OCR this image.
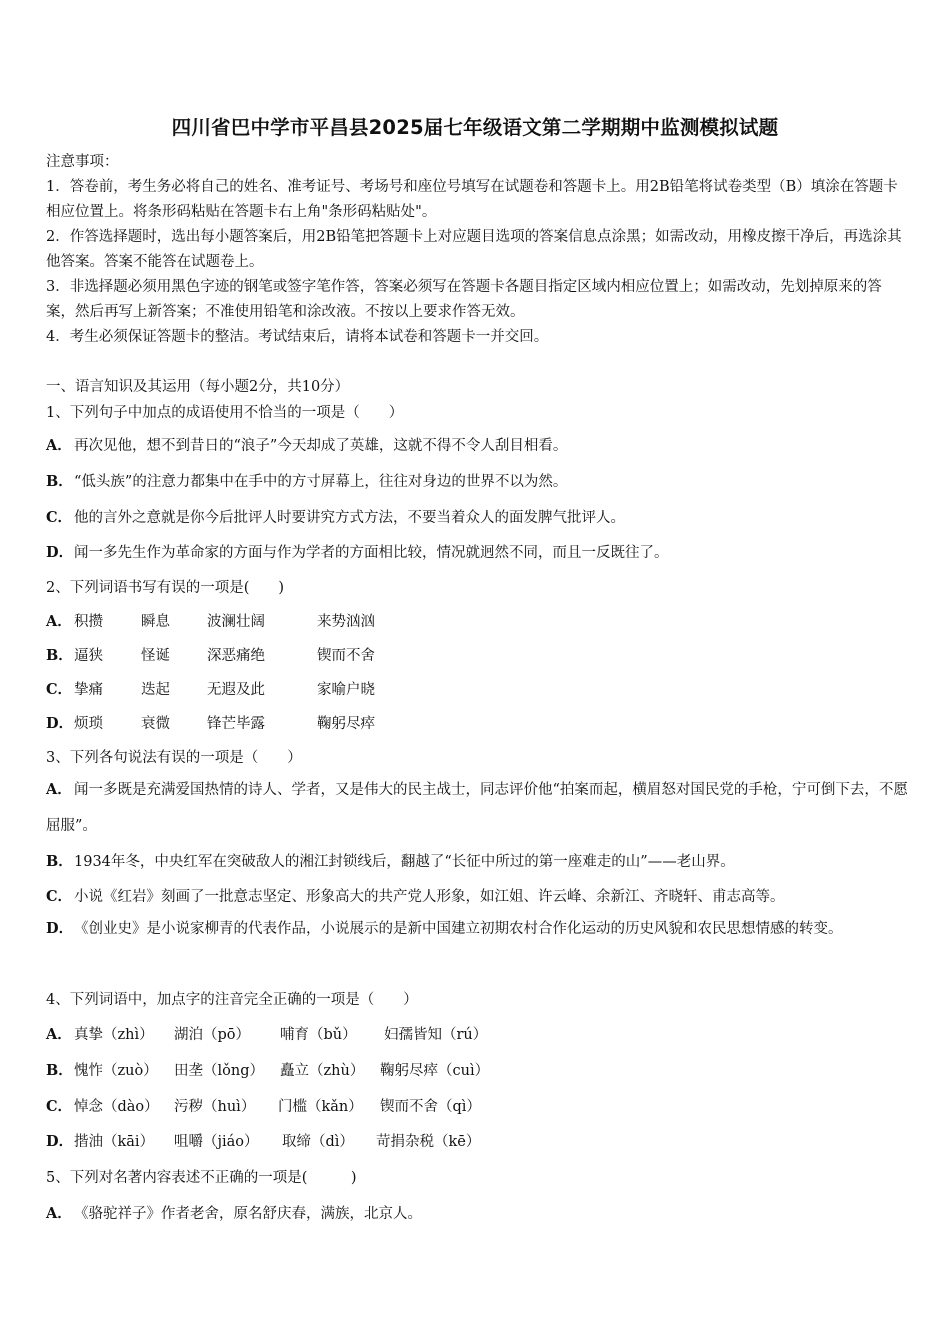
四川省巴中学市平昌县2025届七年级语文第二学期期中监测模拟试题

注意事项：

1．答卷前，考生务必将自己的姓名、准考证号、考场号和座位号填写在试题卷和答题卡上。用2B铅笔将试卷类型（B）填涂在答题卡相应位置上。将条形码粘贴在答题卡右上角"条形码粘贴处"。

2．作答选择题时，选出每小题答案后，用2B铅笔把答题卡上对应题目选项的答案信息点涂黑；如需改动，用橡皮擦干净后，再选涂其他答案。答案不能答在试题卷上。

3．非选择题必须用黑色字迹的钢笔或签字笔作答，答案必须写在答题卡各题目指定区域内相应位置上；如需改动，先划掉原来的答案，然后再写上新答案；不准使用铅笔和涂改液。不按以上要求作答无效。

4．考生必须保证答题卡的整洁。考试结束后，请将本试卷和答题卡一并交回。

一、语言知识及其运用（每小题2分，共10分）
1、下列句子中加点的成语使用不恰当的一项是（　　）
A． 再次见他，想不到昔日的“浪子”今天却成了英雄，这就不得不令人刮目相看。
B．“低头族”的注意力都集中在手中的方寸屏幕上，往往对身边的世界不以为然。
C． 他的言外之意就是你今后批评人时要讲究方式方法，不要当着众人的面发脾气批评人。
D．闻一多先生作为革命家的方面与作为学者的方面相比较，情况就迥然不同，而且一反既往了。
2、下列词语书写有误的一项是(　　)
A． 积攒	瞬息	波澜壮阔	来势汹汹
B．逼狭	怪诞	深恶痛绝	锲而不舍
C． 挚痛	迭起	无遐及此	家喻户晓
D．烦琐	衰微	锋芒毕露	鞠躬尽瘁
3、下列各句说法有误的一项是（　　）
A． 闻一多既是充满爱国热情的诗人、学者，又是伟大的民主战士，同志评价他“拍案而起，横眉怒对国民党的手枪，宁可倒下去，不愿屈服”。
B．1934年冬，中央红军在突破敌人的湘江封锁线后，翻越了“长征中所过的第一座难走的山”——老山界。
C． 小说《红岩》刻画了一批意志坚定、形象高大的共产党人形象，如江姐、许云峰、余新江、齐晓轩、甫志高等。
D．《创业史》是小说家柳青的代表作品，小说展示的是新中国建立初期农村合作化运动的历史风貌和农民思想情感的转变。
4、下列词语中，加点字的注音完全正确的一项是（　　）
A． 真挚（zhì） 湖泊（pō） 哺育（bǔ） 妇孺皆知（rú）
B．愧怍（zuò） 田垄（lǒng） 矗立（zhù） 鞠躬尽瘁（cuì）
C． 悼念（dào） 污秽（huì） 门槛（kǎn） 锲而不舍（qì）
D．揩油（kāi） 咀嚼（jiáo） 取缔（dì） 苛捐杂税（kē）
5、下列对名著内容表述不正确的一项是(　　　)
A． 《骆驼祥子》作者老舍，原名舒庆春，满族，北京人。
